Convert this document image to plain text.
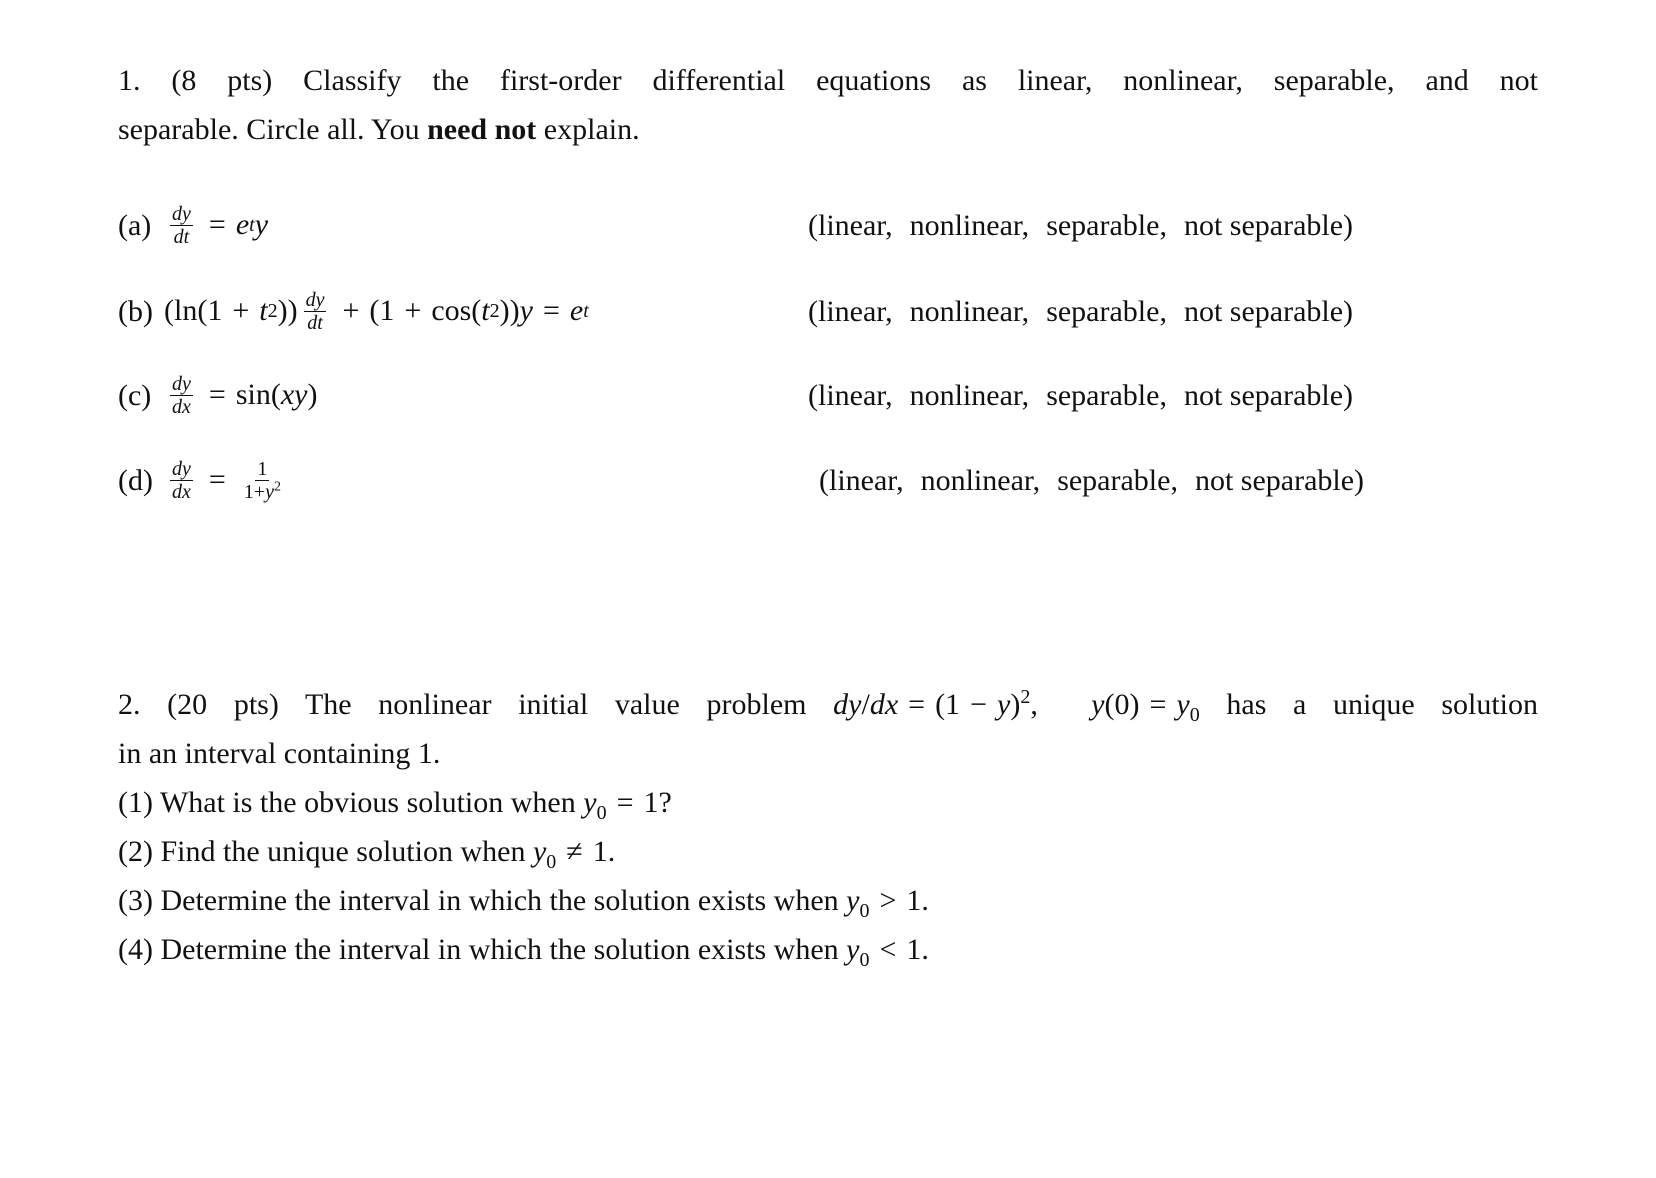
1. (8 pts) Classify the first-order differential equations as linear, nonlinear, separable, and not
separable. Circle all. You need not explain.
$(a) \frac{dy}{dt} = e$ t y	(linear, nonlinear, separable, not separable)
(b) (ln(1 + t 2 )) $\frac{dy}{dt} + (1 + \cos$( t 2 )) y = e t	(linear, nonlinear, separable, not separable)
$(c) \frac{dy}{dx} = \sin$( xy )	(linear, nonlinear, separable, not separable)
$(d) \frac{dy}{dx} = \frac{1}{1+y^2}$	(linear, nonlinear, separable, not separable)
2. (20 pts) The nonlinear initial value problem $dy/dx = (1 - y)^2$,  $y(0) = y_0$ has a unique solution
in an interval containing 1.
(1) What is the obvious solution when $y_0 = 1$?
(2) Find the unique solution when $y_0 \ne 1$.
(3) Determine the interval in which the solution exists when $y_0 > 1$.
(4) Determine the interval in which the solution exists when $y_0 < 1$.
